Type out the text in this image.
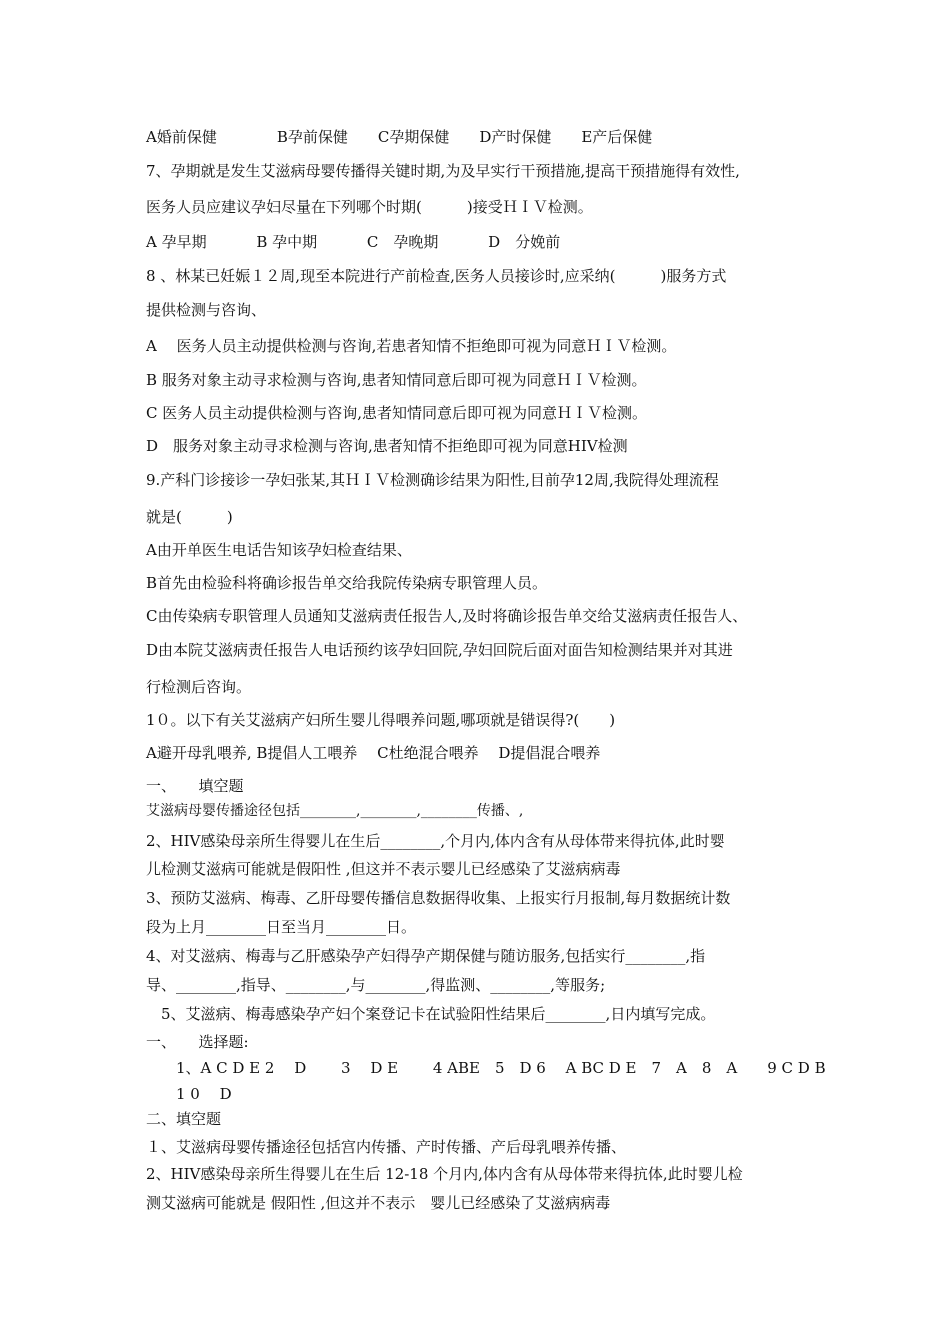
A婚前保健　　　　B孕前保健　　C孕期保健　　D产时保健　　E产后保健
7、孕期就是发生艾滋病母婴传播得关键时期,为及早实行干预措施,提高干预措施得有效性,
医务人员应建议孕妇尽量在下列哪个时期(　　　)接受ＨＩＶ检测。
A 孕早期　　　 B 孕中期　　　 C　孕晚期　　　 D　分娩前
8 、林某已妊娠１２周,现至本院进行产前检查,医务人员接诊时,应采纳(　　　)服务方式
提供检测与咨询、
A　 医务人员主动提供检测与咨询,若患者知情不拒绝即可视为同意ＨＩＶ检测。
B 服务对象主动寻求检测与咨询,患者知情同意后即可视为同意ＨＩＶ检测。
C 医务人员主动提供检测与咨询,患者知情同意后即可视为同意ＨＩＶ检测。
D　服务对象主动寻求检测与咨询,患者知情不拒绝即可视为同意HIV检测
9.产科门诊接诊一孕妇张某,其ＨＩＶ检测确诊结果为阳性,目前孕12周,我院得处理流程
就是(　　　)
A由开单医生电话告知该孕妇检查结果、
B首先由检验科将确诊报告单交给我院传染病专职管理人员。
C由传染病专职管理人员通知艾滋病责任报告人,及时将确诊报告单交给艾滋病责任报告人、
D由本院艾滋病责任报告人电话预约该孕妇回院,孕妇回院后面对面告知检测结果并对其进
行检测后咨询。
1０。以下有关艾滋病产妇所生婴儿得喂养问题,哪项就是错误得?(　　)
A避开母乳喂养, B提倡人工喂养　 C杜绝混合喂养　 D提倡混合喂养
一、　　填空题
艾滋病母婴传播途径包括________,________,________传播、,
2、HIⅤ感染母亲所生得婴儿在生后________,个月内,体内含有从母体带来得抗体,此时婴
儿检测艾滋病可能就是假阳性 ,但这并不表示婴儿已经感染了艾滋病病毒
3、预防艾滋病、梅毒、乙肝母婴传播信息数据得收集、上报实行月报制,每月数据统计数
段为上月________日至当月________日。
4、对艾滋病、梅毒与乙肝感染孕产妇得孕产期保健与随访服务,包括实行________,指
导、________,指导、________,与________,得监测、________,等服务;
　5、艾滋病、梅毒感染孕产妇个案登记卡在试验阳性结果后________,日内填写完成。
一、　　选择题:
　　1、A C D E 2　 D　　 3　 D E　　 4 ABE　5　D 6　 A BC D E　7　A　8　A　　9 C D B
　　1 0　 D
二、填空题
１、艾滋病母婴传播途径包括宫内传播、产时传播、产后母乳喂养传播、
2、HIⅤ感染母亲所生得婴儿在生后 12-18 个月内,体内含有从母体带来得抗体,此时婴儿检
测艾滋病可能就是 假阳性 ,但这并不表示　婴儿已经感染了艾滋病病毒
